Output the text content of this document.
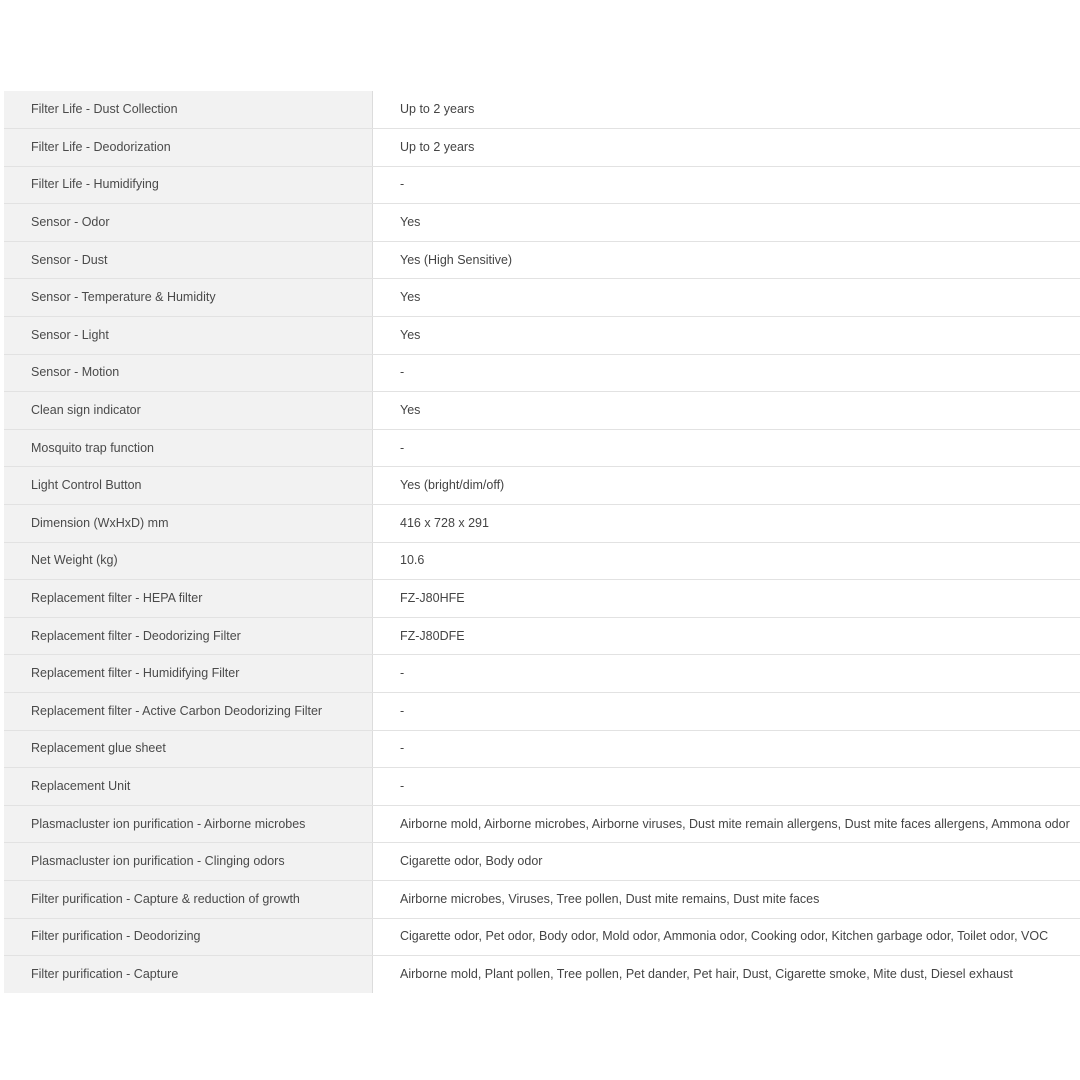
Filter Life - Dust Collection	Up to 2 years
Filter Life - Deodorization	Up to 2 years
Filter Life - Humidifying	-
Sensor - Odor	Yes
Sensor - Dust	Yes (High Sensitive)
Sensor - Temperature & Humidity	Yes
Sensor - Light	Yes
Sensor - Motion	-
Clean sign indicator	Yes
Mosquito trap function	-
Light Control Button	Yes (bright/dim/off)
Dimension (WxHxD) mm	416 x 728 x 291
Net Weight (kg)	10.6
Replacement filter - HEPA filter	FZ-J80HFE
Replacement filter - Deodorizing Filter	FZ-J80DFE
Replacement filter - Humidifying Filter	-
Replacement filter - Active Carbon Deodorizing Filter	-
Replacement glue sheet	-
Replacement Unit	-
Plasmacluster ion purification - Airborne microbes	Airborne mold, Airborne microbes, Airborne viruses, Dust mite remain allergens, Dust mite faces allergens, Ammona odor
Plasmacluster ion purification - Clinging odors	Cigarette odor, Body odor
Filter purification - Capture & reduction of growth	Airborne microbes, Viruses, Tree pollen, Dust mite remains, Dust mite faces
Filter purification - Deodorizing	Cigarette odor, Pet odor, Body odor, Mold odor, Ammonia odor, Cooking odor, Kitchen garbage odor, Toilet odor, VOC
Filter purification - Capture	Airborne mold, Plant pollen, Tree pollen, Pet dander, Pet hair, Dust, Cigarette smoke, Mite dust, Diesel exhaust
